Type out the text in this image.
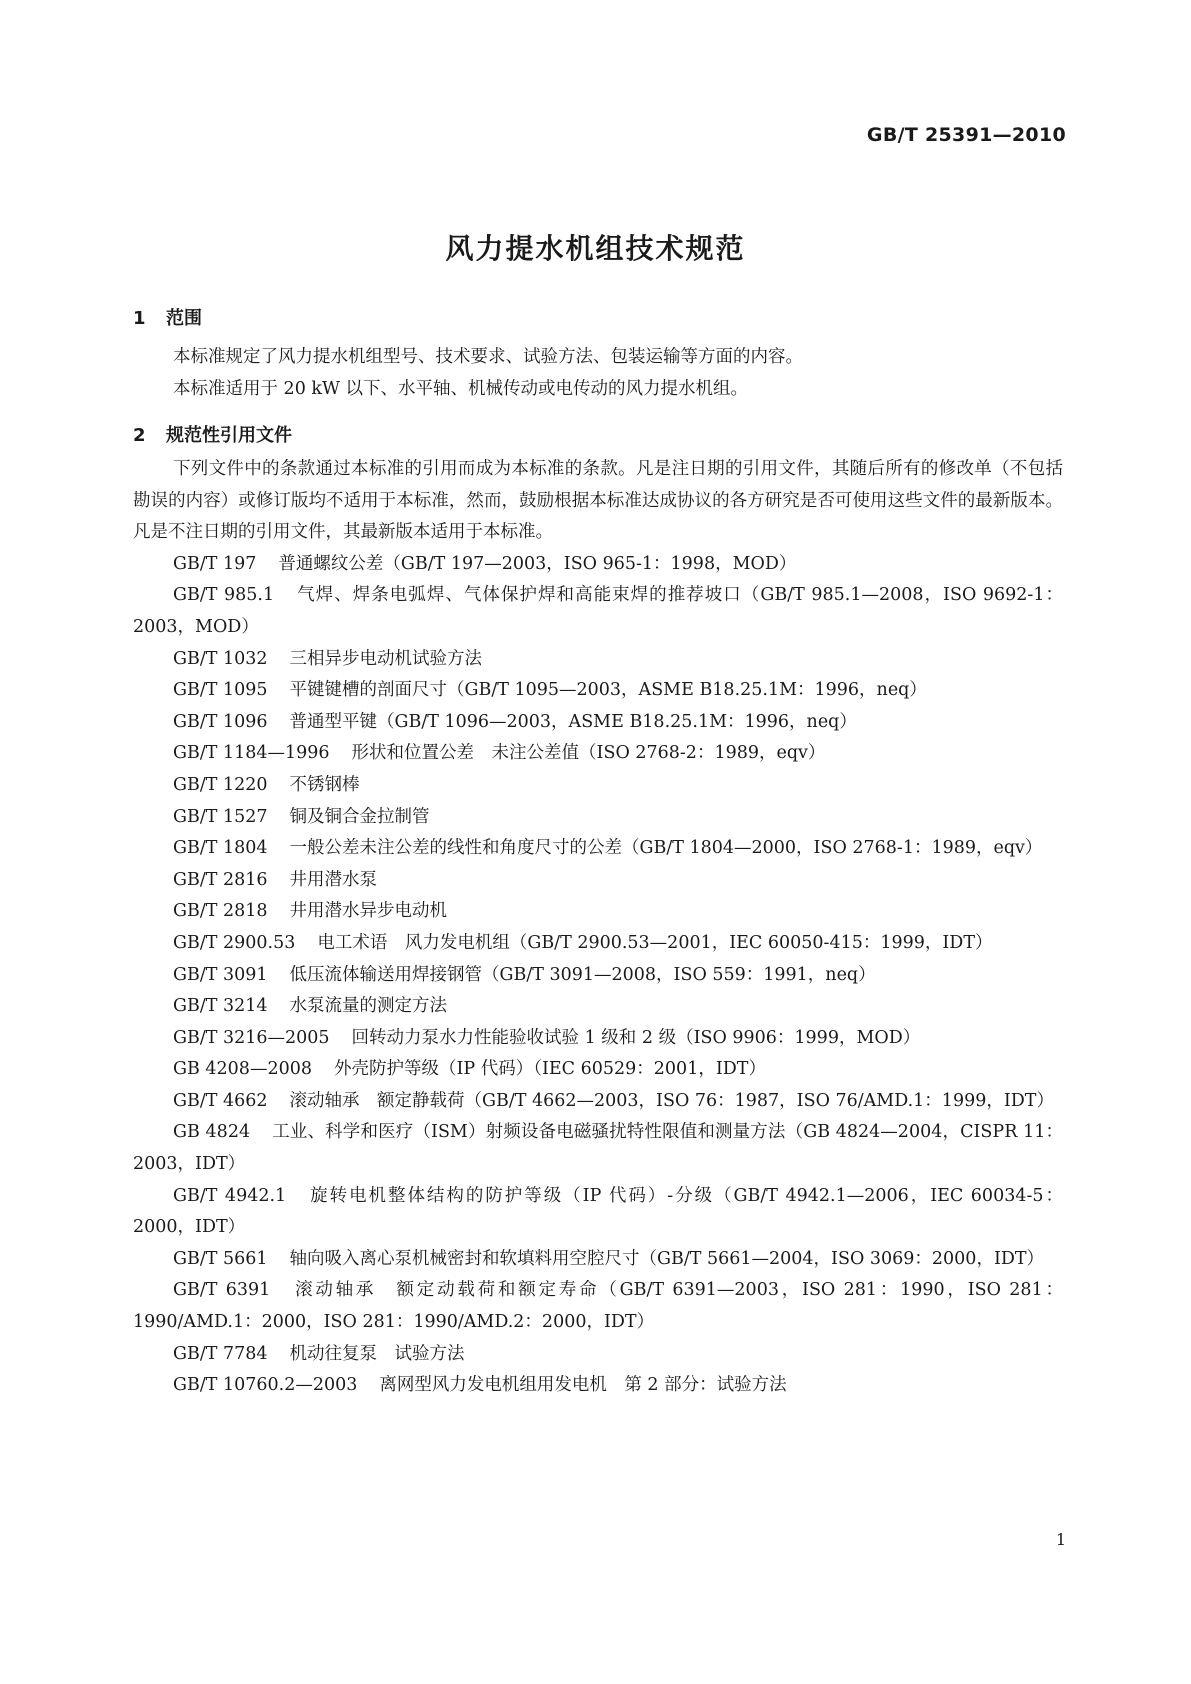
GB/T 25391—2010
风力提水机组技术规范
1 范围

本标准规定了风力提水机组型号、技术要求、试验方法、包装运输等方面的内容。

本标准适用于 20 kW 以下、水平轴、机械传动或电传动的风力提水机组。

2 规范性引用文件

下列文件中的条款通过本标准的引用而成为本标准的条款。凡是注日期的引用文件，其随后所有的修改单（不包括勘误的内容）或修订版均不适用于本标准，然而，鼓励根据本标准达成协议的各方研究是否可使用这些文件的最新版本。凡是不注日期的引用文件，其最新版本适用于本标准。

GB/T 197 普通螺纹公差（GB/T 197—2003，ISO 965-1：1998，MOD）

GB/T 985.1 气焊、焊条电弧焊、气体保护焊和高能束焊的推荐坡口（GB/T 985.1—2008，ISO 9692-1：2003，MOD）

GB/T 1032 三相异步电动机试验方法

GB/T 1095 平键键槽的剖面尺寸（GB/T 1095—2003，ASME B18.25.1M：1996，neq）

GB/T 1096 普通型平键（GB/T 1096—2003，ASME B18.25.1M：1996，neq）

GB/T 1184—1996 形状和位置公差　未注公差值（ISO 2768-2：1989，eqv）

GB/T 1220 不锈钢棒

GB/T 1527 铜及铜合金拉制管

GB/T 1804 一般公差未注公差的线性和角度尺寸的公差（GB/T 1804—2000，ISO 2768-1：1989，eqv）

GB/T 2816 井用潜水泵

GB/T 2818 井用潜水异步电动机

GB/T 2900.53 电工术语　风力发电机组（GB/T 2900.53—2001，IEC 60050-415：1999，IDT）

GB/T 3091 低压流体输送用焊接钢管（GB/T 3091—2008，ISO 559：1991，neq）

GB/T 3214 水泵流量的测定方法

GB/T 3216—2005 回转动力泵水力性能验收试验 1 级和 2 级（ISO 9906：1999，MOD）

GB 4208—2008 外壳防护等级（IP 代码）（IEC 60529：2001，IDT）

GB/T 4662 滚动轴承　额定静载荷（GB/T 4662—2003，ISO 76：1987，ISO 76/AMD.1：1999，IDT）

GB 4824 工业、科学和医疗（ISM）射频设备电磁骚扰特性限值和测量方法（GB 4824—2004，CISPR 11：2003，IDT）

GB/T 4942.1 旋转电机整体结构的防护等级（IP 代码）-分级（GB/T 4942.1—2006，IEC 60034-5：2000，IDT）

GB/T 5661 轴向吸入离心泵机械密封和软填料用空腔尺寸（GB/T 5661—2004，ISO 3069：2000，IDT）

GB/T 6391 滚动轴承　额定动载荷和额定寿命（GB/T 6391—2003，ISO 281：1990，ISO 281：1990/AMD.1：2000，ISO 281：1990/AMD.2：2000，IDT）

GB/T 7784 机动往复泵　试验方法

GB/T 10760.2—2003 离网型风力发电机组用发电机　第 2 部分：试验方法

1
